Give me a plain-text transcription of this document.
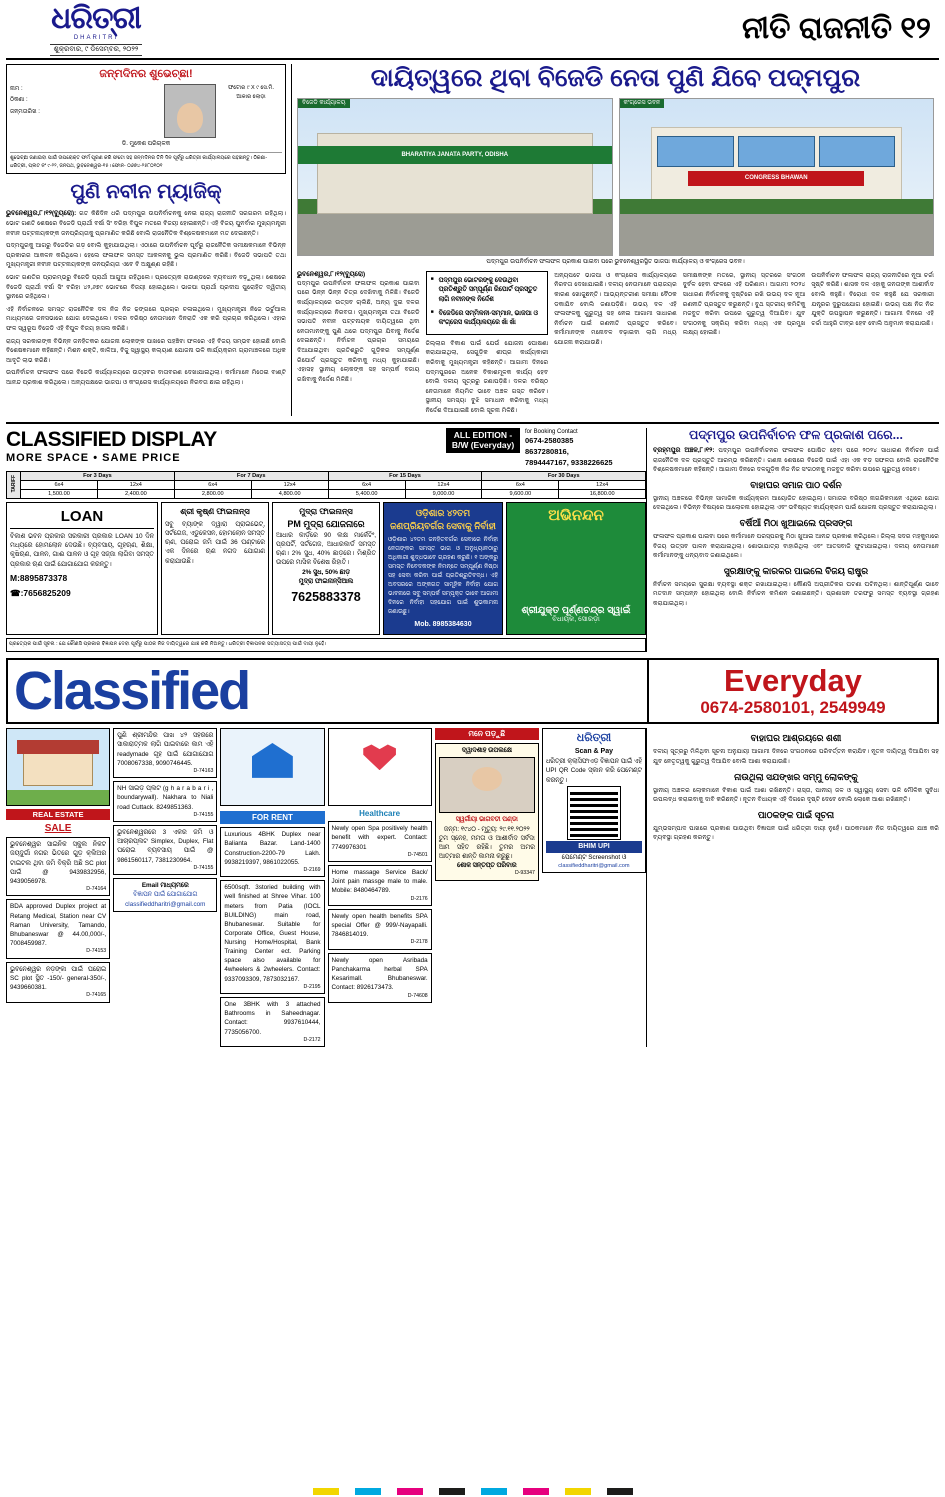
ଧରିତ୍ରୀ
DHARITRI
ଶୁକ୍ରବାର, ୯ ଡିସେମ୍ବର, ୨୦୨୨
ନୀତି ରାଜନୀତି ୧୨
ଜନ୍ମଦିନର ଶୁଭେଚ୍ଛା!
ନାମ :
ଠିକଣା :
ଜନ୍ମତାରିଖ :
ଫଟୋର ୯ X ୯ ସେ.ମି. ଆକାର ଲୋଡ଼ା
ଡି. ମୁକେଶ ପରିଚାଳକ
ଶୁଭେଚ୍ଛା ଜଣାଇବା ପାଇଁ ଉପରୋକ୍ତ ଫର୍ମ ପୂରଣ କରି ଫଟୋ ସହ ଜନ୍ମଦିନର ତିନି ଦିନ ପୂର୍ବରୁ ଧରିତ୍ରୀ କାର୍ଯ୍ୟାଳୟରେ ପହଞ୍ଚାନ୍ତୁ। ଠିକଣା- ଧରିତ୍ରୀ, ପ୍ଲଟ ନଂ ୯-୨୨, ଜନପଥ, ଭୁବନେଶ୍ୱର-୧୫। ଫୋନ- ୦୬୭୪-୨୫୮୦୧୦୧
ପୁଣି ନବୀନ ମ୍ୟାଜିକ୍

ଭୁବନେଶ୍ୱର,୮।୧୨(ବ୍ୟୁରୋ): ଗତ କିଛିଦିନ ଧରି ପଦ୍ମପୁର ଉପନିର୍ବାଚନକୁ ନେଇ ରାଜ୍ୟ ରାଜନୀତି ସରଗରମ ରହିଥିଲା। ଭୋଟ ଗଣତି ଶେଷରେ ବିଜେଡି ପ୍ରାର୍ଥୀ ବର୍ଷା ସିଂ ବରିହା ବିପୁଳ ମତରେ ବିଜୟୀ ହୋଇଛନ୍ତି। ଏହି ବିଜୟ ପୁନର୍ବାର ମୁଖ୍ୟମନ୍ତ୍ରୀ ନବୀନ ପଟ୍ଟନାୟକଙ୍କ ଜନପ୍ରିୟତାକୁ ପ୍ରମାଣିତ କରିଛି ବୋଲି ରାଜନୈତିକ ବିଶ୍ଳେଷକମାନେ ମତ ଦେଇଛନ୍ତି।

ପଦ୍ମପୁରକୁ ଆଗରୁ ବିଜେଡିର ଗଡ଼ ବୋଲି କୁହାଯାଉଥିଲା। ଏଠାରେ ଉପନିର୍ବାଚନ ପୂର୍ବରୁ ରାଜନୈତିକ ସମୀକ୍ଷକମାନେ ବିଭିନ୍ନ ପ୍ରକାରର ଆକଳନ କରିଥିଲେ। ହେଲେ ଫଳାଫଳ ସମସ୍ତ ଆକଳନକୁ ଭୁଲ ପ୍ରମାଣିତ କରିଛି। ବିଜେଡି ସଭାପତି ତଥା ମୁଖ୍ୟମନ୍ତ୍ରୀ ନବୀନ ପଟ୍ଟନାୟକଙ୍କ ଜନପ୍ରିୟତା ଏବେ ବି ଅକ୍ଷୁଣ୍ଣ ରହିଛି।

ଭୋଟ ଗଣତିର ପ୍ରାରମ୍ଭରୁ ବିଜେଡି ପ୍ରାର୍ଥୀ ଆଗୁଆ ରହିଥିଲେ। ପ୍ରତ୍ୟେକ ରାଉଣ୍ଡରେ ବ୍ୟବଧାନ ବଢ଼ୁଥିଲା। ଶେଷରେ ବିଜେଡି ପ୍ରାର୍ଥୀ ବର୍ଷା ସିଂ ବରିହା ୪୨,୬୭୯ ଭୋଟରେ ବିଜୟୀ ହୋଇଥିଲେ। ଭାଜପା ପ୍ରାର୍ଥୀ ପ୍ରଦୀପ ପୁରୋହିତ ଦ୍ୱିତୀୟ ସ୍ଥାନରେ ରହିଥିଲେ।

ଏହି ନିର୍ବାଚନରେ ସମସ୍ତ ରାଜନୈତିକ ଦଳ ନିଜ ନିଜ ଢଙ୍ଗରେ ପ୍ରଚାର ଚଳାଇଥିଲେ। ମୁଖ୍ୟମନ୍ତ୍ରୀ ନିଜେ ଭର୍ଚୁଆଲ ମାଧ୍ୟମରେ ଜନସଭାରେ ଯୋଗ ଦେଇଥିଲେ। ଦଳର ବରିଷ୍ଠ ନେତାମାନେ ଦିନରାତି ଏକ କରି ପ୍ରଚାର କରିଥିଲେ। ଏହାର ଫଳ ସ୍ୱରୂପ ବିଜେଡି ଏହି ବିପୁଳ ବିଜୟ ହାସଲ କରିଛି।

ରାଜ୍ୟ ସରକାରଙ୍କ ବିଭିନ୍ନ ଜନହିତକର ଯୋଜନା ଲୋକଙ୍କ ପାଖରେ ପହଞ୍ଚିବା ଫଳରେ ଏହି ବିଜୟ ସମ୍ଭବ ହୋଇଛି ବୋଲି ବିଶେଷଜ୍ଞମାନେ କହିଛନ୍ତି। ମିଶନ ଶକ୍ତି, କାଳିଆ, ବିଜୁ ସ୍ୱାସ୍ଥ୍ୟ କଲ୍ୟାଣ ଯୋଜନା ଭଳି କାର୍ଯ୍ୟକ୍ରମ ଗ୍ରାମାଞ୍ଚଳରେ ଅଧିକ ଆଦୃତି ଲାଭ କରିଛି।

ଉପନିର୍ବାଚନ ଫଳାଫଳ ପରେ ବିଜେଡି କାର୍ଯ୍ୟାଳୟରେ ଉତ୍ସବର ବାତାବରଣ ଦେଖାଯାଇଥିଲା। କର୍ମୀମାନେ ମିଠେଇ ବାଣ୍ଟି ଆନନ୍ଦ ପ୍ରକାଶ କରିଥିଲେ। ଅନ୍ୟପକ୍ଷରେ ଭାଜପା ଓ କଂଗ୍ରେସ କାର୍ଯ୍ୟାଳୟରେ ନିରବତା ଛାଇ ରହିଥିଲା।

ଦାୟିତ୍ୱରେ ଥିବା ବିଜେଡି ନେତା ପୁଣି ଯିବେ ପଦ୍ମପୁର
BHARATIYA JANATA PARTY, ODISHA
ବିଜେଡି କାର୍ଯ୍ୟାଳୟ
CONGRESS BHAWAN
କଂଗ୍ରେସ ଭବନ
ପଦ୍ମପୁର ଉପନିର୍ବାଚନ ଫଳାଫଳ ପ୍ରକାଶ ପାଇବା ପରେ ଭୁବନେଶ୍ୱରସ୍ଥିତ ଭାଜପା କାର୍ଯ୍ୟାଳୟ ଓ କଂଗ୍ରେସ ଭବନ।
ଭୁବନେଶ୍ୱର,୮।୧୨(ବ୍ୟୁରୋ)
ପଦ୍ମପୁର ଉପନିର୍ବାଚନ ଫଳାଫଳ ପ୍ରକାଶ ପାଇବା ପରେ ଭିନ୍ନ ଭିନ୍ନ ଚିତ୍ର ଦେଖିବାକୁ ମିଳିଛି। ବିଜେଡି କାର୍ଯ୍ୟାଳୟରେ ଉତ୍ସବ ଚାଲିଛି, ଅନ୍ୟ ଦୁଇ ଦଳର କାର୍ଯ୍ୟାଳୟରେ ନିରବତା। ମୁଖ୍ୟମନ୍ତ୍ରୀ ତଥା ବିଜେଡି ସଭାପତି ନବୀନ ପଟ୍ଟନାୟକ ଦାୟିତ୍ୱରେ ଥିବା ନେତାମାନଙ୍କୁ ପୁଣି ଥରେ ପଦ୍ମପୁର ଯିବାକୁ ନିର୍ଦ୍ଦେଶ ଦେଇଛନ୍ତି। ନିର୍ବାଚନ ପ୍ରଚାର ସମୟରେ ଦିଆଯାଇଥିବା ପ୍ରତିଶ୍ରୁତି ଗୁଡ଼ିକର ସମ୍ପୂର୍ଣ୍ଣ ରିପୋର୍ଟ ପ୍ରସ୍ତୁତ କରିବାକୁ ମଧ୍ୟ କୁହାଯାଇଛି। ଏହାସହ ସ୍ଥାନୀୟ ଲୋକଙ୍କ ସହ ସମ୍ପର୍କ ବଜାୟ ରଖିବାକୁ ନିର୍ଦ୍ଦେଶ ମିଳିଛି।
■ ପଦ୍ମପୁର ଭୋଟରଙ୍କୁ ଦେଉଥିବା ପ୍ରତିଶ୍ରୁତି ସମ୍ପୂର୍ଣ୍ଣ ରିପୋର୍ଟ ପ୍ରସ୍ତୁତ ଲାଗି ନବୀନଙ୍କ ନିର୍ଦ୍ଦେଶ
■ ବିଜେଡିରେ ସମ୍ମିଳନୀ-ସମ୍ମାନ, ଭାଜପା ଓ କଂଗ୍ରେସ କାର୍ଯ୍ୟାଳୟରେ ଖାଁ ଖାଁ
ଜିଲ୍ଲାର ବିକାଶ ପାଇଁ ଯେଉଁ ଯୋଜନା ଘୋଷଣା କରାଯାଇଥିଲା, ସେଗୁଡ଼ିକ ଶୀଘ୍ର କାର୍ଯ୍ୟକାରୀ କରିବାକୁ ମୁଖ୍ୟମନ୍ତ୍ରୀ କହିଛନ୍ତି। ଆଗାମୀ ଦିନରେ ପଦ୍ମପୁରରେ ଅନେକ ବିକାଶମୂଳକ କାର୍ଯ୍ୟ ହେବ ବୋଲି ଦଳୀୟ ସୂତ୍ରରୁ ଜଣାପଡ଼ିଛି। ଦଳର ବରିଷ୍ଠ ନେତାମାନେ ନିୟମିତ ଭାବେ ଅଞ୍ଚଳ ଗସ୍ତ କରିବେ। ସ୍ଥାନୀୟ ସମସ୍ୟା ବୁଝି ସମାଧାନ କରିବାକୁ ମଧ୍ୟ ନିର୍ଦ୍ଦେଶ ଦିଆଯାଇଛି ବୋଲି ସୂଚନା ମିଳିଛି।
ଅନ୍ୟପଟେ ଭାଜପା ଓ କଂଗ୍ରେସ କାର୍ଯ୍ୟାଳୟରେ ନିରବତା ଦେଖାଯାଇଛି। ଦଳୀୟ ନେତାମାନେ ପରାଜୟର କାରଣ ଖୋଜୁଛନ୍ତି। ଆଭ୍ୟନ୍ତରୀଣ ସମୀକ୍ଷା ବୈଠକ ଡକାଯିବ ବୋଲି ଜଣାପଡ଼ିଛି। ଉଭୟ ଦଳ ଏହି ଫଳାଫଳକୁ ଗୁରୁତ୍ୱ ସହ ନେଇ ଆଗାମୀ ସାଧାରଣ ନିର୍ବାଚନ ପାଇଁ ରଣନୀତି ପ୍ରସ୍ତୁତ କରିବେ। କର୍ମୀମାନଙ୍କ ମନୋବଳ ବଢ଼ାଇବା ଲାଗି ମଧ୍ୟ ଯୋଜନା କରାଯାଉଛି।
ସମୀକ୍ଷକଙ୍କ ମତରେ, ସ୍ଥାନୀୟ ସ୍ତରରେ ସଂଗଠନ ଦୁର୍ବଳ ହେବା ଫଳରେ ଏହି ପରିଣାମ। ଆଗାମୀ ୨୦୨୪ ସାଧାରଣ ନିର୍ବାଚନକୁ ଦୃଷ୍ଟିରେ ରଖି ଉଭୟ ଦଳ ନୂଆ ରଣନୀତି ପ୍ରସ୍ତୁତ କରୁଛନ୍ତି। ବୁଥ ସ୍ତରୀୟ କମିଟିକୁ ମଜବୁତ କରିବା ଉପରେ ଗୁରୁତ୍ୱ ଦିଆଯିବ। ଯୁବ ସଂଗଠନକୁ ସକ୍ରିୟ କରିବା ମଧ୍ୟ ଏକ ପ୍ରମୁଖ ଲକ୍ଷ୍ୟ ହୋଇଛି।
ଉପନିର୍ବାଚନ ଫଳାଫଳ ରାଜ୍ୟ ରାଜନୀତିରେ ନୂଆ ଚର୍ଚ୍ଚା ସୃଷ୍ଟି କରିଛି। ଶାସକ ଦଳ ଏହାକୁ ଜନତାଙ୍କ ଆଶୀର୍ବାଦ ବୋଲି କହୁଛି। ବିରୋଧୀ ଦଳ କହୁଛି ଯେ ସରକାରୀ ଯନ୍ତ୍ରର ଦୁରୁପଯୋଗ ହୋଇଛି। ଉଭୟ ପକ୍ଷ ନିଜ ନିଜ ଯୁକ୍ତି ଉପସ୍ଥାପନ କରୁଛନ୍ତି। ଆଗାମୀ ଦିନରେ ଏହି ଚର୍ଚ୍ଚା ଆହୁରି ତୀବ୍ର ହେବ ବୋଲି ଅନୁମାନ କରାଯାଉଛି।
CLASSIFIED DISPLAY
MORE SPACE • SAME PRICE
ALL EDITION - B/W (Everyday)
for Booking Contact
0674-2580385
8637280816,
7894447167, 9338226625
TARIFF	For 3 Days		For 7 Days		For 15 Days		For 30 Days	
	6x4	12x4	6x4	12x4	6x4	12x4	6x4	12x4
	1,500.00	2,400.00	2,800.00	4,800.00	5,400.00	9,000.00	9,600.00	16,800.00
LOAN
ବିକାଶ ଭବନ ପ୍ରକାର ସରକାରୀ ପ୍ରକାର LOAN 10 ଦିନ ମଧ୍ୟରେ ହୋମଲୋନ ଦେଉଛି। ବ୍ୟବସାୟ, ଗୃହଋଣ, ଶିକ୍ଷା, କୃଷିଋଣ, ପାଳନ, ଗାଈ ପାଳନ ଓ ଗୃହ ସଜ୍ଜା ଲାଗିବା ସମସ୍ତ ପ୍ରକାର ଋଣ ପାଇଁ ଯୋଗାଯୋଗ କରନ୍ତୁ।
M:8895873378
☎:7656825209
ଶ୍ରୀ କୃଷ୍ଣ ଫାଇନାନ୍ସ
ସବୁ ବ୍ୟାଙ୍କ ଦ୍ୱାରା ପ୍ରାଇଭେଟ୍, ସର୍ଟଗେଜ, ଏଡୁକେସନ, ହୋମଲୋନ ସମସ୍ତ ଋଣ, ଘରୋଇ ଜମି ପାଇଁ 36 ଘଣ୍ଟାରେ ଏକ ଦିନରେ ଋଣ ନଗଦ ଯୋଗାଣ କରାଯାଉଛି।
ମୁଦ୍ରା ଫାଇନାନ୍ସ
PM ମୁଦ୍ରା ଯୋଜନାରେ
ଆଧାର କାର୍ଡ଼ରେ 90 ଲକ୍ଷ ମାର୍କେଟିଂ, ପ୍ରପର୍ଟି, ସର୍ଟଗେଜ, ଆଧାରକାର୍ଡ ସମସ୍ତ ଋଣ। 2% ସୁଧ, 40% ଛାଡ଼ରେ। ମିଶ୍ରିତ ଉପରେ ମାସିକ ବିଶେଷ ରିହାତି।
2% ସୁଧ, 50% ଛାଡ଼
ମୁଦ୍ରା ଫାଇନାନ୍ସିଆଲ
7625883378
ଓଡ଼ିଶାର ୪୨ତମ ଜଣପ୍ରିୟବର୍ଗର ସେବାକୁ ନିର୍ବାହୀ
ଓଡ଼ିଶାର ୪୨ତମ ଜନହିତବର୍ଗର ସେବାରେ ନିର୍ବାହୀ ନେତାଙ୍କର ସମସ୍ତ ଭାଗ ଓ ଅନୁଧ୍ୟାନଠାରୁ ଅଧିକାରୀ ଶୁଦ୍ଧଭାବେ ଗ୍ରହଣ କରୁଛି। ୧ ଅଙ୍କରୁ ସମସ୍ତ ନିବେଦକଙ୍କ ନିମନ୍ତେ ସମ୍ପୂର୍ଣ୍ଣ ନିଷ୍ଠା ସହ ସେବା କରିବା ପାଇଁ ପ୍ରତିଶ୍ରୁତିବଦ୍ଧ। ଏହି ଅବସରରେ ଅଙ୍କଗତ ସାମୂହିକ ନିର୍ବାହୀ ଯୋଗ ଭାବନାରେ ସବୁ ସମ୍ପର୍କ ସମ୍ପୃକ୍ତ ଭାବେ ଆଗାମୀ ଦିନରେ ନିର୍ବାହୀ ସହଯୋଗ ପାଇଁ ଶୁଭକାମନା ଜଣାଉଛୁ।
Mob. 8985384630
ଅଭିନନ୍ଦନ
ଶ୍ରୀଯୁକ୍ତ ପୂର୍ଣ୍ଣଚନ୍ଦ୍ର ସ୍ୱାଇଁ
ବିଧାୟକ, ସୋରଡ଼ା
ପ୍ରତ୍ୟେକ ପାଇଁ ସୂଚନା : ଯେ କୌଣସି ପ୍ରକାର ବିଜ୍ଞାପନ ଦେବା ପୂର୍ବରୁ ପାଠକ ନିଜ ଦାୟିତ୍ୱରେ ଯାଞ୍ଚ କରି ନିଅନ୍ତୁ। ଧରିତ୍ରୀ ବିଜ୍ଞାପନର ସତ୍ୟାସତ୍ୟ ପାଇଁ ଦାୟୀ ନୁହେଁ।
ପଦ୍ମପୁର ଉପନିର୍ବାଚନ ଫଳ ପ୍ରକାଶ ପରେ...

ବ୍ରହ୍ମପୁର ଅଞ୍ଚଳ,୮।୧୨: ପଦ୍ମପୁର ଉପନିର୍ବାଚନର ଫଳାଫଳ ଘୋଷିତ ହେବା ପରେ ୨୦୨୪ ସାଧାରଣ ନିର୍ବାଚନ ପାଇଁ ରାଜନୈତିକ ଦଳ ପ୍ରସ୍ତୁତି ଆରମ୍ଭ କରିଛନ୍ତି। ଗଣନା ଶେଷରେ ବିଜେଡି ପାଇଁ ଏହା ଏକ ବଡ଼ ସଫଳତା ବୋଲି ରାଜନୈତିକ ବିଶ୍ଳେଷକମାନେ କହିଛନ୍ତି। ଆଗାମୀ ଦିନରେ ଦଳଗୁଡ଼ିକ ନିଜ ନିଜ ସଂଗଠନକୁ ମଜବୁତ କରିବା ଉପରେ ଗୁରୁତ୍ୱ ଦେବେ।

ବାହାଘର ସମାଜ ପାଠ ଦର୍ଶନ
ସ୍ଥାନୀୟ ଅଞ୍ଚଳରେ ବିଭିନ୍ନ ସାମାଜିକ କାର୍ଯ୍ୟକ୍ରମ ଆୟୋଜିତ ହୋଇଥିଲା। ସମାଜର ବରିଷ୍ଠ ନାଗରିକମାନେ ଏଥିରେ ଯୋଗ ଦେଇଥିଲେ। ବିଭିନ୍ନ ବିଷୟରେ ଆଲୋଚନା ହୋଇଥିଲା ଏବଂ ଭବିଷ୍ୟତ କାର୍ଯ୍ୟକ୍ରମ ପାଇଁ ଯୋଜନା ପ୍ରସ୍ତୁତ କରାଯାଇଥିଲା।
ବର୍ଷିଆଁ ମିଠା ଖୁଆଇଲେ ପ୍ରସଙ୍ଗ
ଫଳାଫଳ ପ୍ରକାଶ ପାଇବା ପରେ କର୍ମୀମାନେ ପରସ୍ପରକୁ ମିଠା ଖୁଆଇ ଆନନ୍ଦ ପ୍ରକାଶ କରିଥିଲେ। ଜିଲ୍ଲା ସଦର ମହକୁମାରେ ବିଜୟ ଉତ୍ସବ ପାଳନ କରାଯାଇଥିଲା। ଶୋଭାଯାତ୍ରା ବାହାରିଥିଲା ଏବଂ ଆତସବାଜି ଫୁଟାଯାଇଥିଲା। ଦଳୀୟ ନେତାମାନେ କର୍ମୀମାନଙ୍କୁ ଧନ୍ୟବାଦ ଜଣାଇଥିଲେ।
ସୁରକ୍ଷାଙ୍କୁ କାରକର ପାଇଲେ ବିଜୟ ରାଷ୍ଟ୍ର
ନିର୍ବାଚନ ସମୟରେ ସୁରକ୍ଷା ବ୍ୟବସ୍ଥା ଶକ୍ତ ରଖାଯାଇଥିଲା। କୌଣସି ଅପ୍ରୀତିକର ଘଟଣା ଘଟିନଥିଲା। ଶାନ୍ତିପୂର୍ଣ୍ଣ ଭାବେ ମତଦାନ ସମ୍ପନ୍ନ ହୋଇଥିଲା ବୋଲି ନିର୍ବାଚନ କମିଶନ ଜଣାଇଛନ୍ତି। ପ୍ରଶାସନ ତରଫରୁ ସମସ୍ତ ବ୍ୟବସ୍ଥା ଗ୍ରହଣ କରାଯାଇଥିଲା।
Classified	Everyday
0674-2580101, 2549949
REAL ESTATE
SALE
ଭୁବନେଶ୍ୱର ସାଇନିକ ସ୍କୁଲ ନିକଟ ଜୟଦୁର୍ଗା ନଗର ଭିତରେ ଗୁଡ଼ କ୍ଲିଅର ଟାଇଟଲ ଥିବା ଜମି ବିକ୍ରି ଅଛି SC plot ପାଇଁ @ 9439832956, 9439056978.
D-74164
BDA approved Duplex project at Retang Medical, Station near CV Raman University, Tamando, Bhubaneswar @ 44.00,000/-, 7008459987.
D-74153
ଭୁବନେଶ୍ୱର ନଡ଼ଙ୍କା ପାଇଁ ଘରୋଇ SC plot ସ୍ଥିତ -150/- general-350/-, 9439660381.
D-74165
ପୁଣି ଶ୍ରୀମନ୍ଦିର ପାଖ ୪୨ ସହରରେ ସାକାରାତ୍ମକ ଲାଗି ପାଇବାରେ କାମ ଏହି readymade ଗୃହ ପାଇଁ ଯୋଗାଯୋଗ 7008067338, 9090746445.
D-74163
NH ସାଇଡ଼ ପ୍ଲଟ (g h a r a b a r i , boundarywall). Nakhara to Niali road Cuttack. 8249851363.
D-74155
ଭୁବନେଶ୍ୱରରେ 3 ଏକର ଜମି ଓ ଆଚାରପ୍ଲଟ Simplex, Duplex, Flat ଘରୋଇ ବ୍ୟବସାୟ ପାଇଁ @ 9861560117, 7381230964.
D-74155
Email ମାଧ୍ୟମରେ
ବିଜ୍ଞାପନ ପାଇଁ ଯୋଗାଯୋଗ classifieddharitri@gmail.com
FOR RENT
Luxurious 4BHK Duplex near Balianta Bazar. Land-1400 Construction-2200-79 Lakh. 9938219397, 9861022055.
D-2169
6500sqft. 3storied building with well finished at Shree Vihar. 100 meters from Patia (IOCL BUILDING) main road, Bhubaneswar. Suitable for Corporate Office, Guest House, Nursing Home/Hospital, Bank Training Center ect. Parking space also available for 4wheelers & 2wheelers. Contact: 9337093309, 7873032167.
D-2195
One 3BHK with 3 attached Bathrooms in Saheednagar. Contact: 9937610444, 7735056700.
D-2172
Healthcare
Newly open Spa positively health benefit with expert. Contact: 7749976301
D-74501
Home massage Service Back/ Joint pain massge male to male. Mobile: 8480464789.
D-2176
Newly open health benefits SPA special Offer @ 999/-Nayapalli. 7846814019.
D-2178
Newly open Asribada Panchakarma herbal SPA Kesarimall. Bhubaneswar. Contact: 8926173473.
D-74608
ମନେ ପଡ଼ୁଛି
ଦ୍ୱାଦଶାହ ଉପଲକ୍ଷେ
ସ୍ୱର୍ଗୀୟା ଭାଗବତୀ ପଣ୍ଡା
ଜନ୍ମ: ୧୯୪୦ - ମୃତ୍ୟୁ: ୨୯.୧୧.୨୦୨୨
ତୁମ ସ୍ନେହ, ମମତା ଓ ଆଶୀର୍ବାଦ ସର୍ବଦା ଆମ ସହିତ ରହିଛି। ତୁମର ଅମର ଆତ୍ମାର ଶାନ୍ତି କାମନା କରୁଛୁ।
ଶୋକ ସନ୍ତପ୍ତ ପରିବାର
D-93347
ଧରିତ୍ରୀ
Scan & Pay
ଧରିତ୍ରୀ କ୍ଲାସିଫାଏଡ଼ ବିଜ୍ଞାପନ ପାଇଁ ଏହି UPI QR Code ସ୍କାନ କରି ପେମେଣ୍ଟ କରନ୍ତୁ।
BHIM UPI
ପେମେଣ୍ଟ Screenshot ଓ
classifieddharitri@gmail.com
ବାହାଘର ଆଶ୍ରୟରେ ଶଶୀ
ଦଳୀୟ ସୂତ୍ରରୁ ମିଳିଥିବା ସୂଚନା ଅନୁଯାୟୀ ଆଗାମୀ ଦିନରେ ସଂଗଠନରେ ପରିବର୍ତ୍ତନ କରାଯିବ। ନୂତନ ଦାୟିତ୍ୱ ଦିଆଯିବା ସହ ଯୁବ ନେତୃତ୍ୱକୁ ଗୁରୁତ୍ୱ ଦିଆଯିବ ବୋଲି ଆଶା କରାଯାଉଛି।
ନାଉଥିଲା ସଯଙ୍ଖର ସମ୍ମୁ ଲୋକଙ୍କୁ
ସ୍ଥାନୀୟ ଅଞ୍ଚଳର ଲୋକମାନେ ବିକାଶ ପାଇଁ ଆଶା ରଖିଛନ୍ତି। ରାସ୍ତା, ପାନୀୟ ଜଳ ଓ ସ୍ୱାସ୍ଥ୍ୟ ସେବା ଭଳି ମୌଳିକ ସୁବିଧା ଉପଲବ୍ଧ କରାଇବାକୁ ଦାବି କରିଛନ୍ତି। ନୂତନ ବିଧାୟକ ଏହି ଦିଗରେ ଦୃଷ୍ଟି ଦେବେ ବୋଲି ଲୋକେ ଆଶା ରଖିଛନ୍ତି।
ପାଠକଙ୍କ ପାଇଁ ସୂଚନା
ଯୁମ୍ଭସମ୍ପାଦ ପାଖରେ ପ୍ରକାଶ ପାଉଥିବା ବିଜ୍ଞାପନ ପାଇଁ ଧରିତ୍ରୀ ଦାୟୀ ନୁହେଁ। ପାଠକମାନେ ନିଜ ଦାୟିତ୍ୱରେ ଯାଞ୍ଚ କରି ବ୍ୟବସ୍ଥା ଗ୍ରହଣ କରନ୍ତୁ।
